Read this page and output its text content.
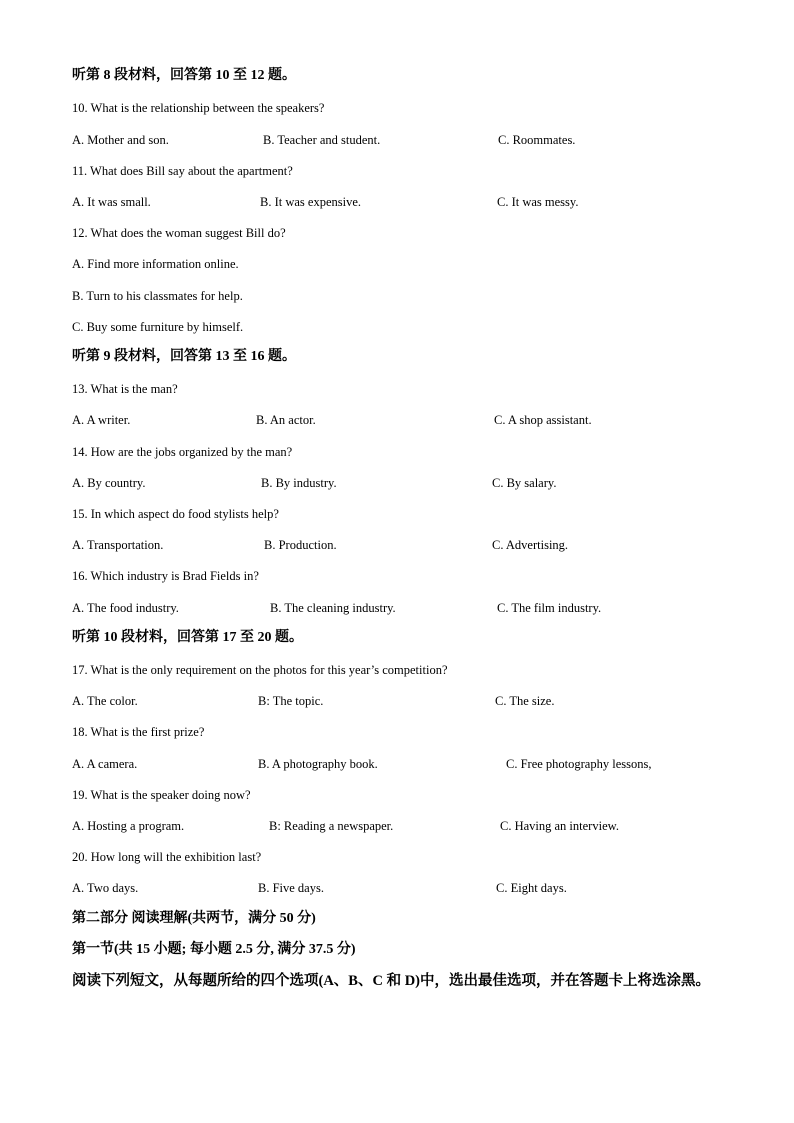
听第 8 段材料，回答第 10 至 12 题。
10. What is the relationship between the speakers?
A. Mother and son.	B. Teacher and student.	C. Roommates.
11. What does Bill say about the apartment?
A. It was small.	B. It was expensive.	C. It was messy.
12. What does the woman suggest Bill do?
A. Find more information online.
B. Turn to his classmates for help.
C. Buy some furniture by himself.
听第 9 段材料，回答第 13 至 16 题。
13. What is the man?
A. A writer.	B. An actor.	C. A shop assistant.
14. How are the jobs organized by the man?
A. By country.	B. By industry.	C. By salary.
15. In which aspect do food stylists help?
A. Transportation.	B. Production.	C. Advertising.
16. Which industry is Brad Fields in?
A. The food industry.	B. The cleaning industry.	C. The film industry.
听第 10 段材料，回答第 17 至 20 题。
17. What is the only requirement on the photos for this year’s competition?
A. The color.	B: The topic.	C. The size.
18. What is the first prize?
A. A camera.	B. A photography book.	C. Free photography lessons,
19. What is the speaker doing now?
A. Hosting a program.	B: Reading a newspaper.	C. Having an interview.
20. How long will the exhibition last?
A. Two days.	B. Five days.	C. Eight days.
第二部分 阅读理解(共两节，满分 50 分)
第一节(共 15 小题; 每小题 2.5 分, 满分 37.5 分)
阅读下列短文，从每题所给的四个选项(A、B、C 和 D)中，选出最佳选项，并在答题卡上将选涂黑。
